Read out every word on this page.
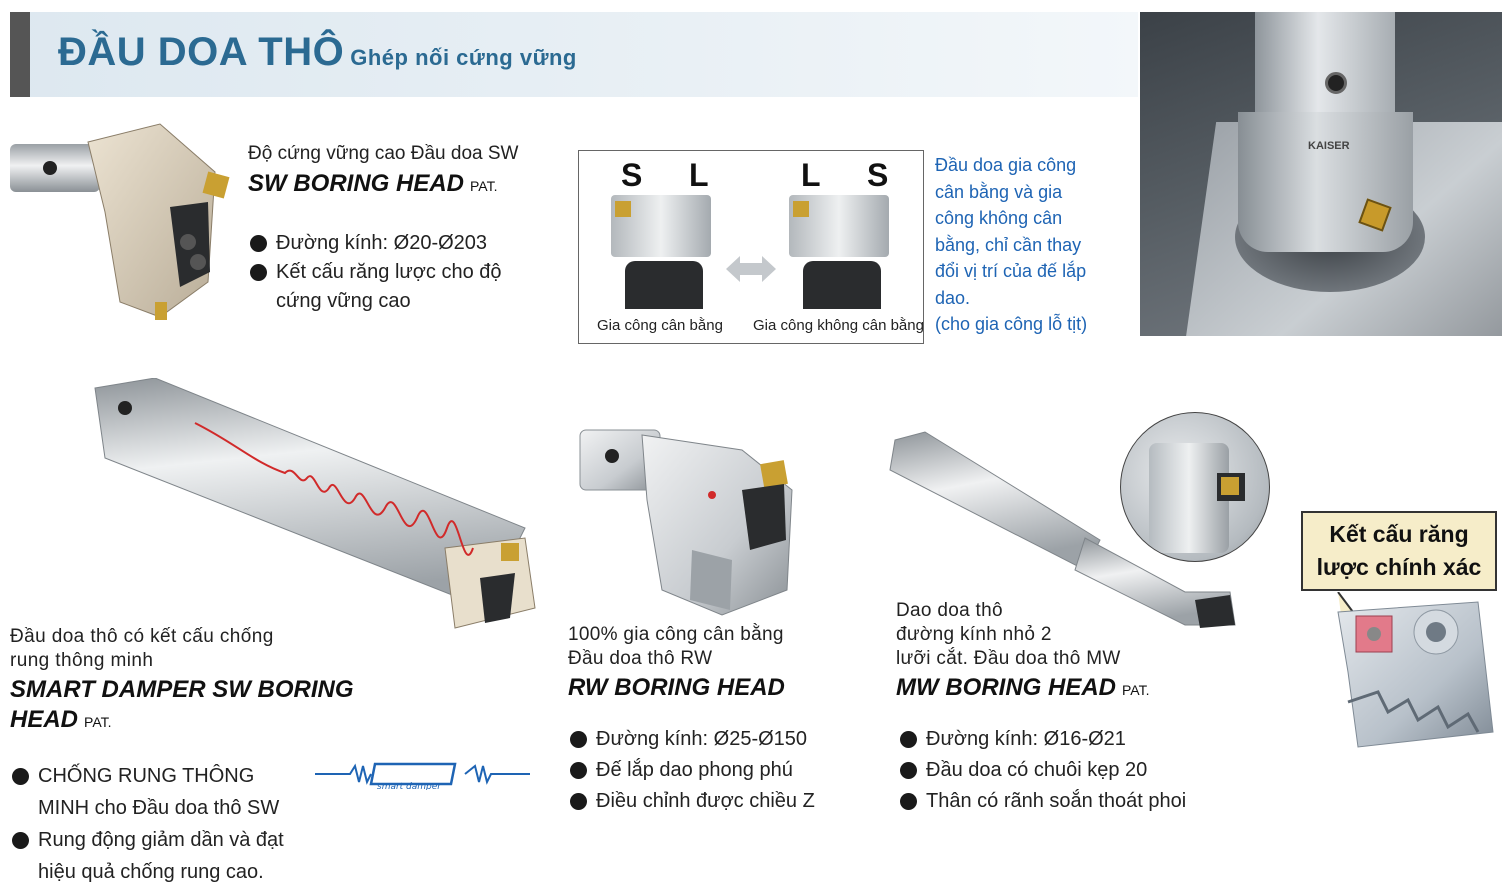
ĐẦU DOA THÔ Ghép nối cứng vững
KAISER
Độ cứng vững cao Đầu doa SW
SW BORING HEAD PAT.
Đường kính: Ø20-Ø203
Kết cấu răng lược cho độ
cứng vững cao
S L	L S
Gia công cân bằng Gia công không cân bằng
Đầu doa gia công
cân bằng và gia
công không cân
bằng, chỉ cần thay
đổi vị trí của đế lắp
dao.
(cho gia công lỗ tịt)
Đầu doa thô có kết cấu chống
rung thông minh
SMART DAMPER SW BORING
HEAD PAT.
CHỐNG RUNG THÔNG
MINH cho Đầu doa thô SW
Rung động giảm dần và đạt
hiệu quả chống rung cao.
smart damper
100% gia công cân bằng
Đầu doa thô RW
RW BORING HEAD
Đường kính: Ø25-Ø150
Đế lắp dao phong phú
Điều chỉnh được chiều Z
Dao doa thô
đường kính nhỏ 2
lưỡi cắt. Đầu doa thô MW
MW BORING HEAD PAT.
Đường kính: Ø16-Ø21
Đầu doa có chuôi kẹp 20
Thân có rãnh soắn thoát phoi
Kết cấu răng
lược chính xác
